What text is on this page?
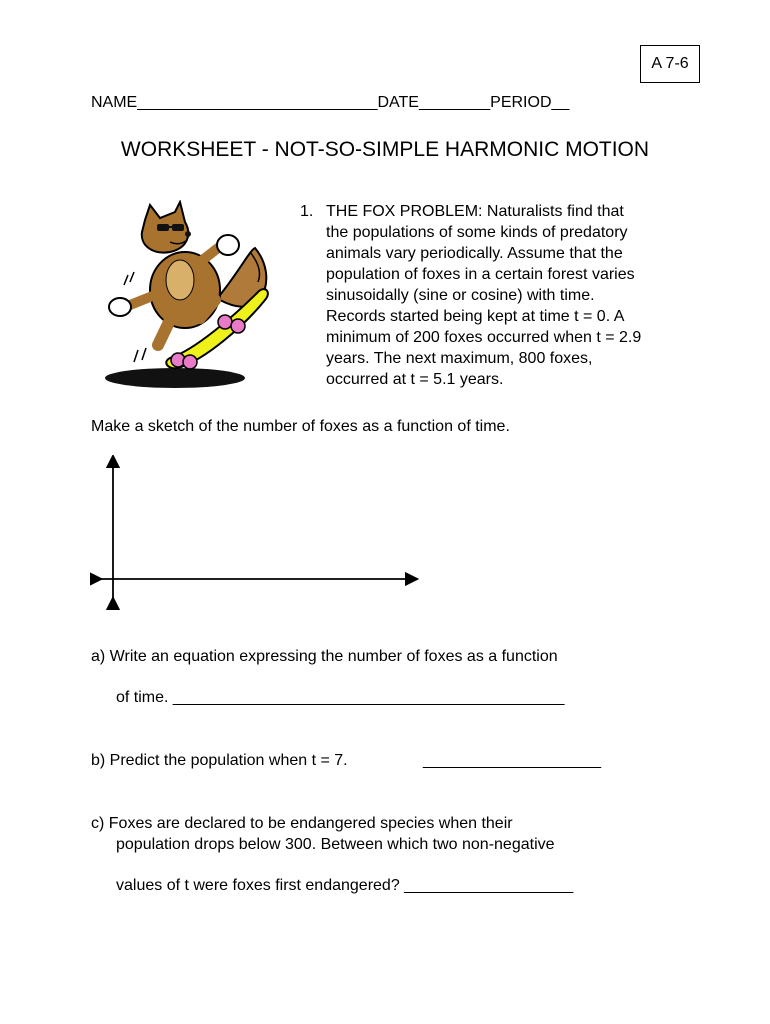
A 7-6
NAME___________________________DATE________PERIOD__
WORKSHEET - NOT-SO-SIMPLE HARMONIC MOTION
1. THE FOX PROBLEM: Naturalists find that
the populations of some kinds of predatory
animals vary periodically. Assume that the
population of foxes in a certain forest varies
sinusoidally (sine or cosine) with time.
Records started being kept at time t = 0. A
minimum of 200 foxes occurred when t = 2.9
years. The next maximum, 800 foxes,
occurred at t = 5.1 years.
Make a sketch of the number of foxes as a function of time.
a) Write an equation expressing the number of foxes as a function
of time. ____________________________________________
b) Predict the population when t = 7.	____________________
c) Foxes are declared to be endangered species when their
population drops below 300. Between which two non-negative
values of t were foxes first endangered? ___________________
